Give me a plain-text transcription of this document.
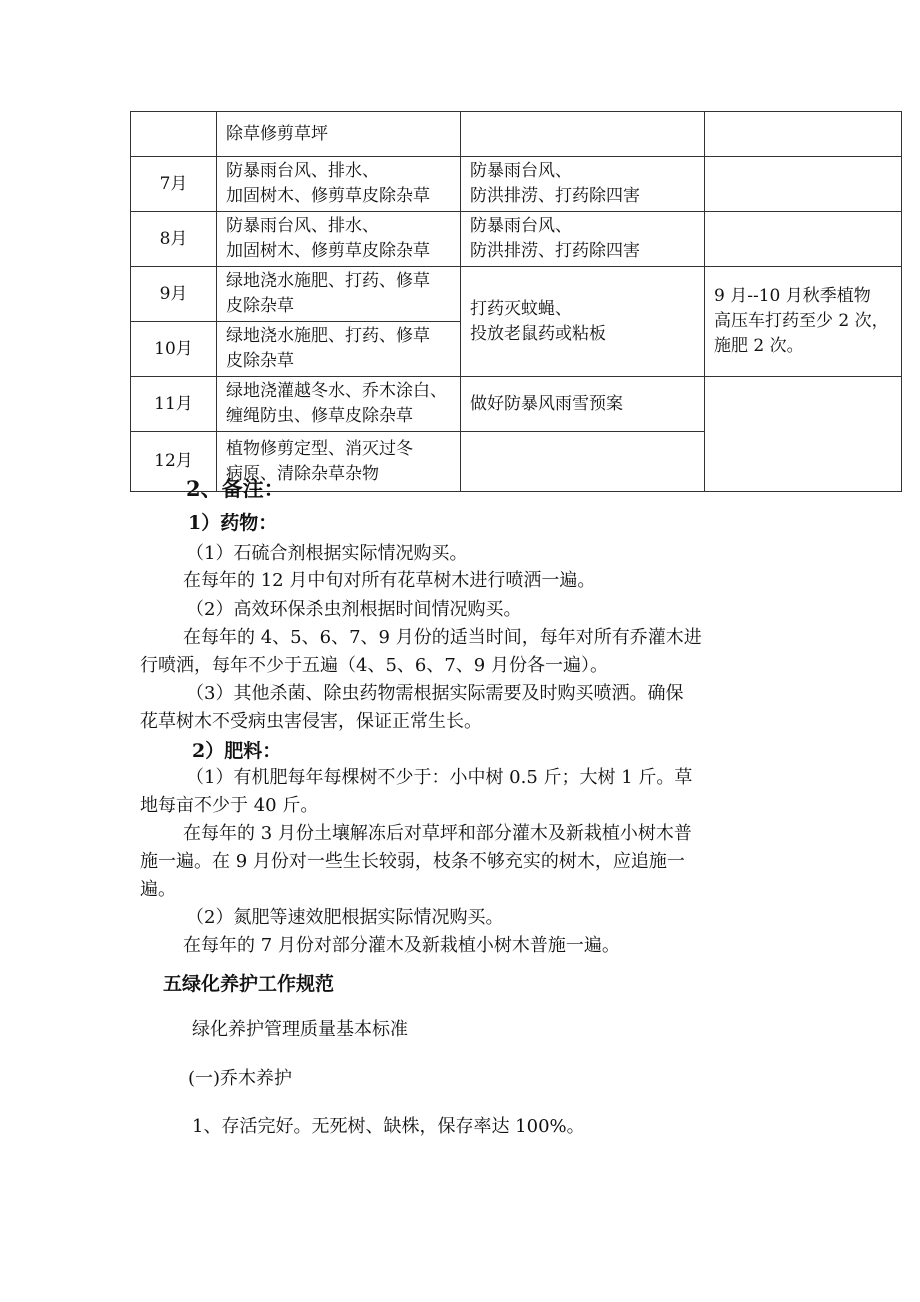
	除草修剪草坪		

7月	防暴雨台风、排水、
加固树木、修剪草皮除杂草	防暴雨台风、
防洪排涝、打药除四害	

8月	防暴雨台风、排水、
加固树木、修剪草皮除杂草	防暴雨台风、
防洪排涝、打药除四害	

9月	绿地浇水施肥、打药、修草
皮除杂草	打药灭蚊蝇、
投放老鼠药或粘板	9 月--10 月秋季植物
高压车打药至少 2 次，
施肥 2 次。

10月	绿地浇水施肥、打药、修草
皮除杂草		

11月	绿地浇灌越冬水、乔木涂白、
缠绳防虫、修草皮除杂草	做好防暴风雨雪预案	

12月	植物修剪定型、消灭过冬
病原、清除杂草杂物		

2、备注：
1）药物：
（1）石硫合剂根据实际情况购买。
在每年的 12 月中旬对所有花草树木进行喷洒一遍。
（2）高效环保杀虫剂根据时间情况购买。
在每年的 4、5、6、7、9 月份的适当时间，每年对所有乔灌木进
行喷洒，每年不少于五遍（4、5、6、7、9 月份各一遍）。
（3）其他杀菌、除虫药物需根据实际需要及时购买喷洒。确保
花草树木不受病虫害侵害，保证正常生长。
2）肥料：
（1）有机肥每年每棵树不少于：小中树 0.5 斤；大树 1 斤。草
地每亩不少于 40 斤。
在每年的 3 月份土壤解冻后对草坪和部分灌木及新栽植小树木普
施一遍。在 9 月份对一些生长较弱，枝条不够充实的树木，应追施一
遍。
（2）氮肥等速效肥根据实际情况购买。
在每年的 7 月份对部分灌木及新栽植小树木普施一遍。
五绿化养护工作规范
绿化养护管理质量基本标准
(一)乔木养护
1、存活完好。无死树、缺株，保存率达 100%。
